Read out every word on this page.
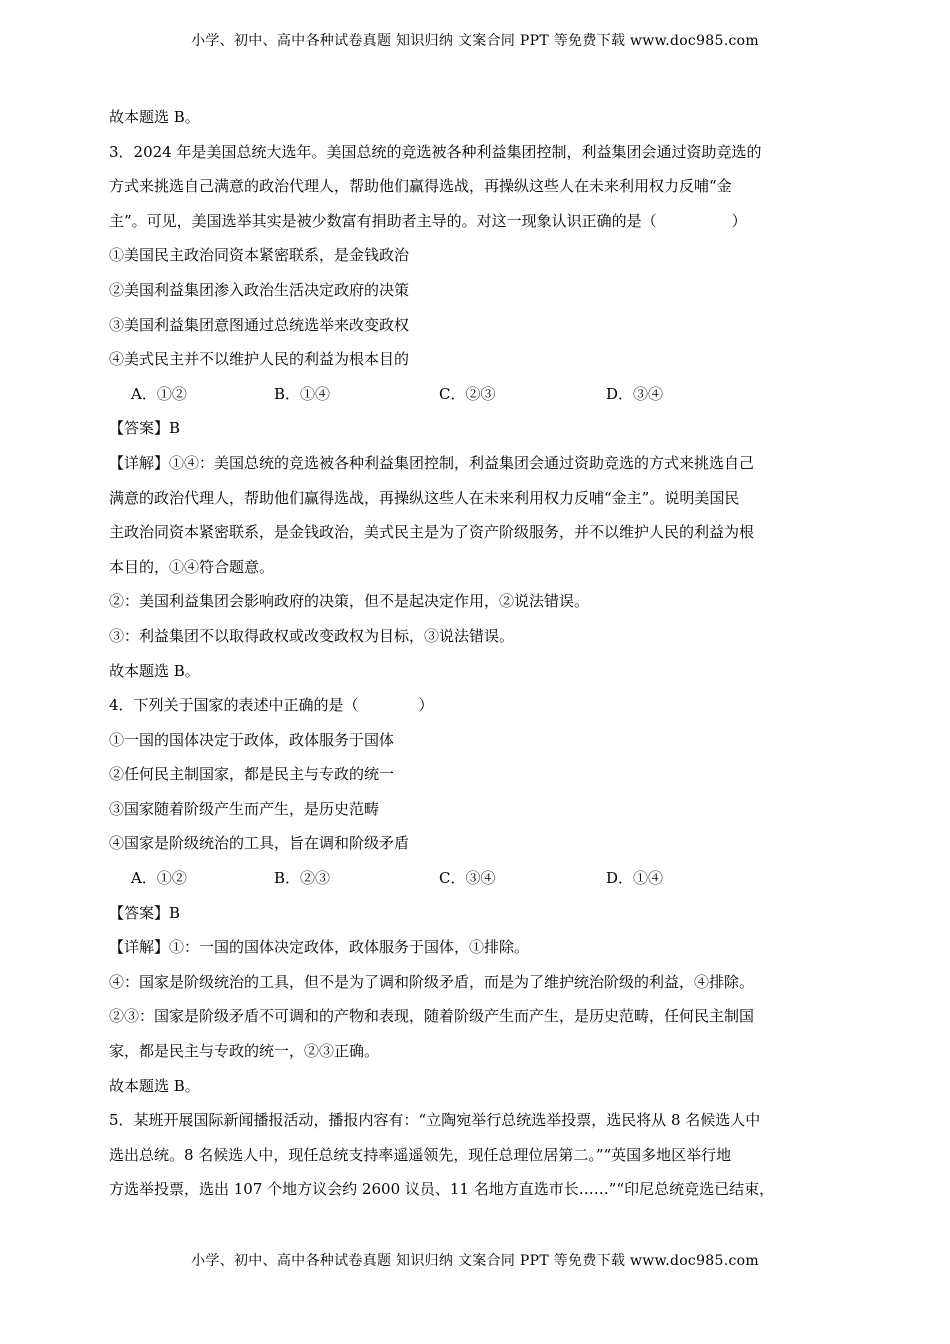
小学、初中、高中各种试卷真题 知识归纳 文案合同 PPT 等免费下载 www.doc985.com
故本题选 B。
3．2024 年是美国总统大选年。美国总统的竞选被各种利益集团控制，利益集团会通过资助竞选的
方式来挑选自己满意的政治代理人，帮助他们赢得选战，再操纵这些人在未来利用权力反哺“金
主”。可见，美国选举其实是被少数富有捐助者主导的。对这一现象认识正确的是（　　　　　）
①美国民主政治同资本紧密联系，是金钱政治
②美国利益集团渗入政治生活决定政府的决策
③美国利益集团意图通过总统选举来改变政权
④美式民主并不以维护人民的利益为根本目的
A．①②	B．①④	C．②③	D．③④
【答案】B
【详解】①④：美国总统的竞选被各种利益集团控制，利益集团会通过资助竞选的方式来挑选自己
满意的政治代理人，帮助他们赢得选战，再操纵这些人在未来利用权力反哺“金主”。说明美国民
主政治同资本紧密联系，是金钱政治，美式民主是为了资产阶级服务，并不以维护人民的利益为根
本目的，①④符合题意。
②：美国利益集团会影响政府的决策，但不是起决定作用，②说法错误。
③：利益集团不以取得政权或改变政权为目标，③说法错误。
故本题选 B。
4．下列关于国家的表述中正确的是（　　　　）
①一国的国体决定于政体，政体服务于国体
②任何民主制国家，都是民主与专政的统一
③国家随着阶级产生而产生，是历史范畴
④国家是阶级统治的工具，旨在调和阶级矛盾
A．①②	B．②③	C．③④	D．①④
【答案】B
【详解】①：一国的国体决定政体，政体服务于国体，①排除。
④：国家是阶级统治的工具，但不是为了调和阶级矛盾，而是为了维护统治阶级的利益，④排除。
②③：国家是阶级矛盾不可调和的产物和表现，随着阶级产生而产生，是历史范畴，任何民主制国
家，都是民主与专政的统一，②③正确。
故本题选 B。
5．某班开展国际新闻播报活动，播报内容有：“立陶宛举行总统选举投票，选民将从 8 名候选人中
选出总统。8 名候选人中，现任总统支持率遥遥领先，现任总理位居第二。”“英国多地区举行地
方选举投票，选出 107 个地方议会约 2600 议员、11 名地方直选市长……”“印尼总统竞选已结束，
小学、初中、高中各种试卷真题 知识归纳 文案合同 PPT 等免费下载 www.doc985.com
